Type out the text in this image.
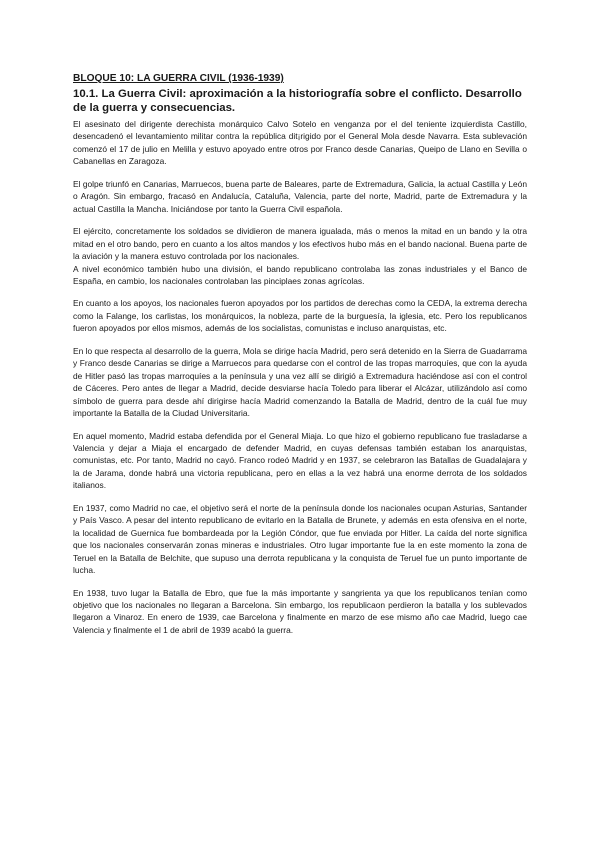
BLOQUE 10: LA GUERRA CIVIL (1936-1939)

10.1. La Guerra Civil: aproximación a la historiografía sobre el conflicto. Desarrollo de la guerra y consecuencias.

El asesinato del dirigente derechista monárquico Calvo Sotelo en venganza por el del teniente izquierdista Castillo, desencadenó el levantamiento militar contra la república dit¡rigido por el General Mola desde Navarra. Esta sublevación comenzó el 17 de julio en Melilla y estuvo apoyado entre otros por Franco desde Canarias, Queipo de Llano en Sevilla o Cabanellas en Zaragoza.

El golpe triunfó en Canarias, Marruecos, buena parte de Baleares, parte de Extremadura, Galicia, la actual Castilla y León o Aragón. Sin embargo, fracasó en Andalucía, Cataluña, Valencia, parte del norte, Madrid, parte de Extremadura y la actual Castilla la Mancha. Iniciándose por tanto la Guerra Civil española.

El ejército, concretamente los soldados se dividieron de manera igualada, más o menos la mitad en un bando y la otra mitad en el otro bando, pero en cuanto a los altos mandos y los efectivos hubo más en el bando nacional. Buena parte de la aviación y la manera estuvo controlada por los nacionales.

A nivel económico también hubo una división, el bando republicano controlaba las zonas industriales y el Banco de España, en cambio, los nacionales controlaban las pinciplaes zonas agrícolas.

En cuanto a los apoyos, los nacionales fueron apoyados por los partidos de derechas como la CEDA, la extrema derecha como la Falange, los carlistas, los monárquicos, la nobleza, parte de la burguesía, la iglesia, etc. Pero los republicanos fueron apoyados por ellos mismos, además de los socialistas, comunistas e incluso anarquistas, etc.

En lo que respecta al desarrollo de la guerra, Mola se dirige hacía Madrid, pero será detenido en la Sierra de Guadarrama y Franco desde Canarias se dirige a Marruecos para quedarse con el control de las tropas marroquíes, que con la ayuda de Hitler pasó las tropas marroquíes a la península y una vez allí se dirigió a Extremadura haciéndose así con el control de Cáceres. Pero antes de llegar a Madrid, decide desviarse hacía Toledo para liberar el Alcázar, utilizándolo así como símbolo de guerra para desde ahí dirigirse hacía Madrid comenzando la Batalla de Madrid, dentro de la cuál fue muy importante la Batalla de la Ciudad Universitaria.

En aquel momento, Madrid estaba defendida por el General Miaja. Lo que hizo el gobierno republicano fue trasladarse a Valencia y dejar a Miaja el encargado de defender Madrid, en cuyas defensas también estaban los anarquistas, comunistas, etc. Por tanto, Madrid no cayó. Franco rodeó Madrid y en 1937, se celebraron las Batallas de Guadalajara y la de Jarama, donde habrá una victoria republicana, pero en ellas a la vez habrá una enorme derrota de los soldados italianos.

En 1937, como Madrid no cae, el objetivo será el norte de la península donde los nacionales ocupan Asturias, Santander y País Vasco. A pesar del intento republicano de evitarlo en la Batalla de Brunete, y además en esta ofensiva en el norte, la localidad de Guernica fue bombardeada por la Legión Cóndor, que fue enviada por Hitler. La caída del norte significa que los nacionales conservarán zonas mineras e industriales. Otro lugar importante fue la en este momento la zona de Teruel en la Batalla de Belchite, que supuso una derrota republicana y la conquista de Teruel fue un punto importante de lucha.

En 1938, tuvo lugar la Batalla de Ebro, que fue la más importante y sangrienta ya que los republicanos tenían como objetivo que los nacionales no llegaran a Barcelona. Sin embargo, los republicaon perdieron la batalla y los sublevados llegaron a Vinaroz. En enero de 1939, cae Barcelona y finalmente en marzo de ese mismo año cae Madrid, luego cae Valencia y finalmente el 1 de abril de 1939 acabó la guerra.
